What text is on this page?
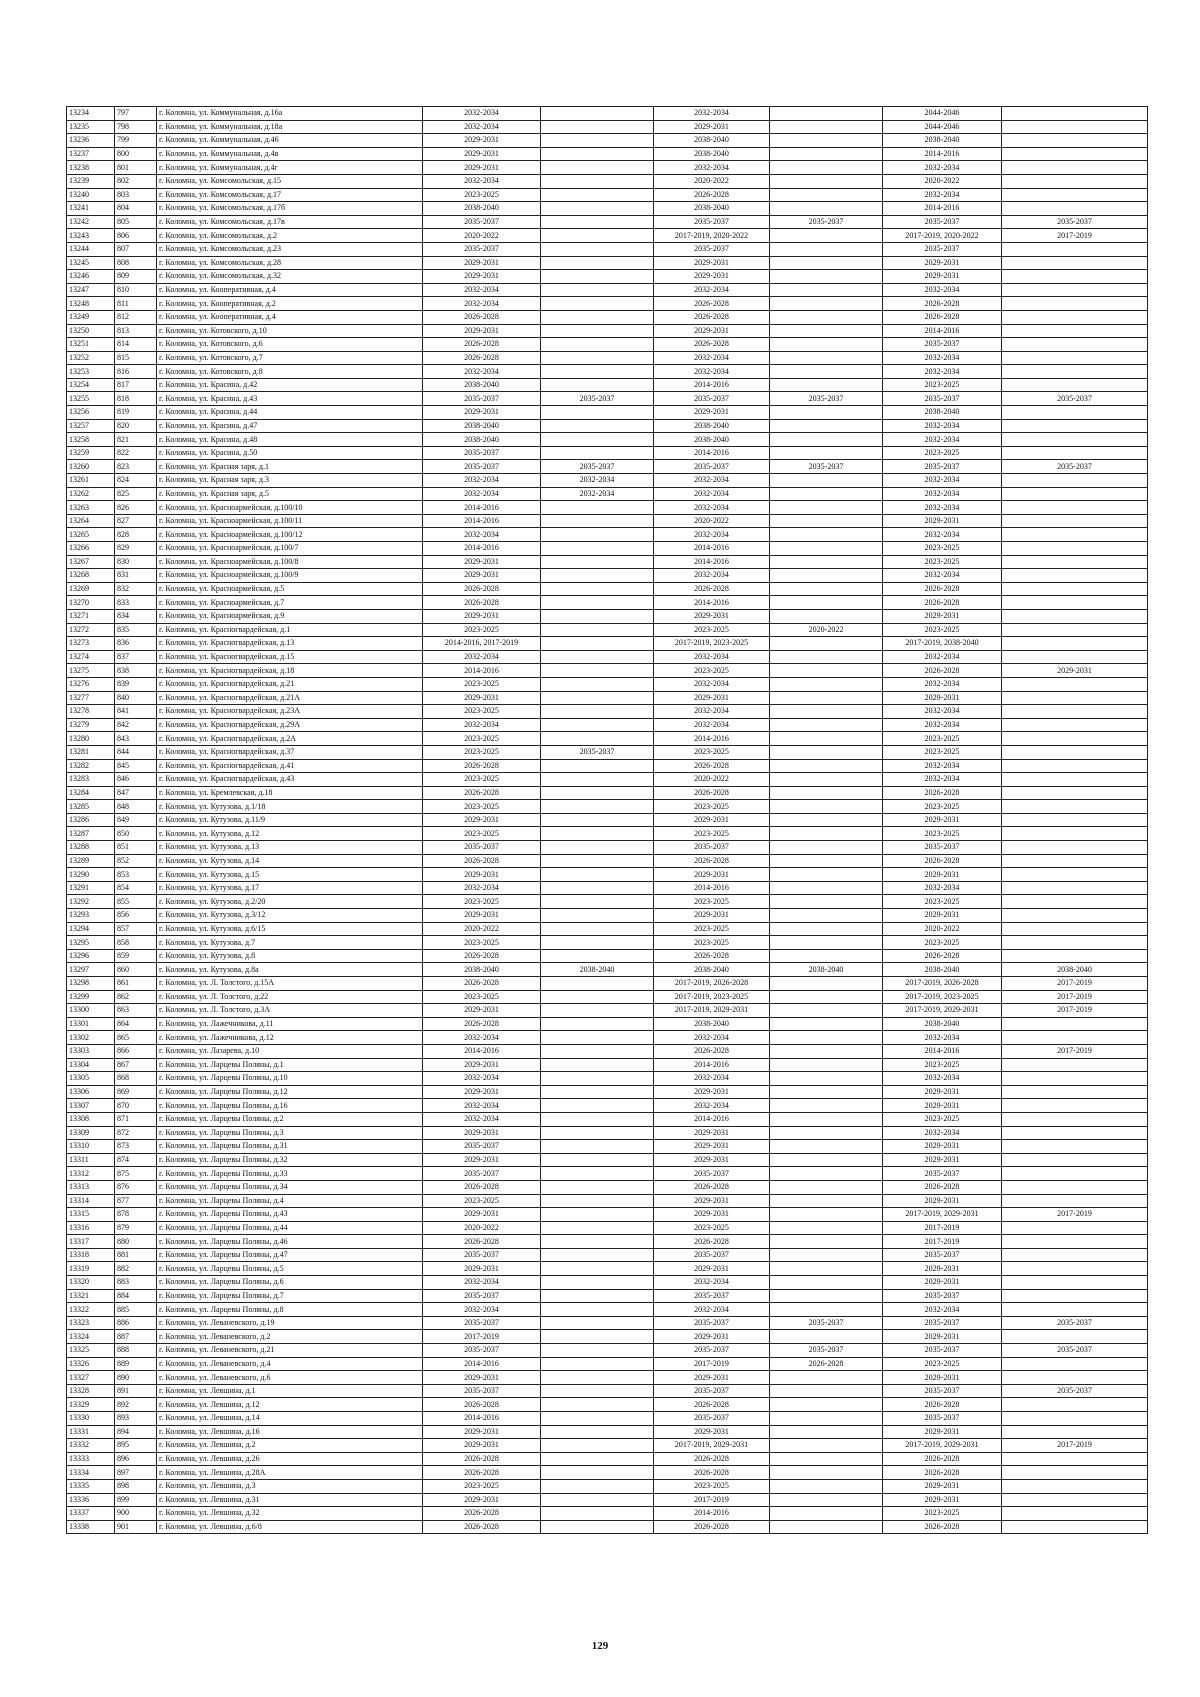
13234	797	г. Коломна, ул. Коммунальная, д.16а	2032-2034		2032-2034		2044-2046	
13235	798	г. Коломна, ул. Коммунальная, д.18а	2032-2034		2029-2031		2044-2046	
13236	799	г. Коломна, ул. Коммунальная, д.46	2029-2031		2038-2040		2038-2040	
13237	800	г. Коломна, ул. Коммунальная, д.4в	2029-2031		2038-2040		2014-2016	
13238	801	г. Коломна, ул. Коммунальная, д.4г	2029-2031		2032-2034		2032-2034	
13239	802	г. Коломна, ул. Комсомольская, д.15	2032-2034		2020-2022		2020-2022	
13240	803	г. Коломна, ул. Комсомольская, д.17	2023-2025		2026-2028		2032-2034	
13241	804	г. Коломна, ул. Комсомольская, д.17б	2038-2040		2038-2040		2014-2016	
13242	805	г. Коломна, ул. Комсомольская, д.17в	2035-2037		2035-2037	2035-2037	2035-2037	2035-2037
13243	806	г. Коломна, ул. Комсомольская, д.2	2020-2022		2017-2019, 2020-2022		2017-2019, 2020-2022	2017-2019
13244	807	г. Коломна, ул. Комсомольская, д.23	2035-2037		2035-2037		2035-2037	
13245	808	г. Коломна, ул. Комсомольская, д.28	2029-2031		2029-2031		2029-2031	
13246	809	г. Коломна, ул. Комсомольская, д.32	2029-2031		2029-2031		2029-2031	
13247	810	г. Коломна, ул. Кооперативная, д.4	2032-2034		2032-2034		2032-2034	
13248	811	г. Коломна, ул. Кооперативная, д.2	2032-2034		2026-2028		2026-2028	
13249	812	г. Коломна, ул. Кооперативная, д.4	2026-2028		2026-2028		2026-2028	
13250	813	г. Коломна, ул. Котовского, д.10	2029-2031		2029-2031		2014-2016	
13251	814	г. Коломна, ул. Котовского, д.6	2026-2028		2026-2028		2035-2037	
13252	815	г. Коломна, ул. Котовского, д.7	2026-2028		2032-2034		2032-2034	
13253	816	г. Коломна, ул. Котовского, д.8	2032-2034		2032-2034		2032-2034	
13254	817	г. Коломна, ул. Красина, д.42	2038-2040		2014-2016		2023-2025	
13255	818	г. Коломна, ул. Красина, д.43	2035-2037	2035-2037	2035-2037	2035-2037	2035-2037	2035-2037
13256	819	г. Коломна, ул. Красина, д.44	2029-2031		2029-2031		2038-2040	
13257	820	г. Коломна, ул. Красина, д.47	2038-2040		2038-2040		2032-2034	
13258	821	г. Коломна, ул. Красина, д.48	2038-2040		2038-2040		2032-2034	
13259	822	г. Коломна, ул. Красина, д.50	2035-2037		2014-2016		2023-2025	
13260	823	г. Коломна, ул. Красная заря, д.1	2035-2037	2035-2037	2035-2037	2035-2037	2035-2037	2035-2037
13261	824	г. Коломна, ул. Красная заря, д.3	2032-2034	2032-2034	2032-2034		2032-2034	
13262	825	г. Коломна, ул. Красная заря, д.5	2032-2034	2032-2034	2032-2034		2032-2034	
13263	826	г. Коломна, ул. Красноармейская, д.100/10	2014-2016		2032-2034		2032-2034	
13264	827	г. Коломна, ул. Красноармейская, д.100/11	2014-2016		2020-2022		2029-2031	
13265	828	г. Коломна, ул. Красноармейская, д.100/12	2032-2034		2032-2034		2032-2034	
13266	829	г. Коломна, ул. Красноармейская, д.100/7	2014-2016		2014-2016		2023-2025	
13267	830	г. Коломна, ул. Красноармейская, д.100/8	2029-2031		2014-2016		2023-2025	
13268	831	г. Коломна, ул. Красноармейская, д.100/9	2029-2031		2032-2034		2032-2034	
13269	832	г. Коломна, ул. Красноармейская, д.5	2026-2028		2026-2028		2026-2028	
13270	833	г. Коломна, ул. Красноармейская, д.7	2026-2028		2014-2016		2026-2028	
13271	834	г. Коломна, ул. Красноармейская, д.9	2029-2031		2029-2031		2029-2031	
13272	835	г. Коломна, ул. Красногвардейская, д.1	2023-2025		2023-2025	2020-2022	2023-2025	
13273	836	г. Коломна, ул. Красногвардейская, д.13	2014-2016, 2017-2019		2017-2019, 2023-2025		2017-2019, 2038-2040	
13274	837	г. Коломна, ул. Красногвардейская, д.15	2032-2034		2032-2034		2032-2034	
13275	838	г. Коломна, ул. Красногвардейская, д.18	2014-2016		2023-2025		2026-2028	2029-2031
13276	839	г. Коломна, ул. Красногвардейская, д.21	2023-2025		2032-2034		2032-2034	
13277	840	г. Коломна, ул. Красногвардейская, д.21А	2029-2031		2029-2031		2029-2031	
13278	841	г. Коломна, ул. Красногвардейская, д.23А	2023-2025		2032-2034		2032-2034	
13279	842	г. Коломна, ул. Красногвардейская, д.29А	2032-2034		2032-2034		2032-2034	
13280	843	г. Коломна, ул. Красногвардейская, д.2А	2023-2025		2014-2016		2023-2025	
13281	844	г. Коломна, ул. Красногвардейская, д.37	2023-2025	2035-2037	2023-2025		2023-2025	
13282	845	г. Коломна, ул. Красногвардейская, д.41	2026-2028		2026-2028		2032-2034	
13283	846	г. Коломна, ул. Красногвардейская, д.43	2023-2025		2020-2022		2032-2034	
13284	847	г. Коломна, ул. Кремлевская, д.18	2026-2028		2026-2028		2026-2028	
13285	848	г. Коломна, ул. Кутузова, д.1/18	2023-2025		2023-2025		2023-2025	
13286	849	г. Коломна, ул. Кутузова, д.11/9	2029-2031		2029-2031		2029-2031	
13287	850	г. Коломна, ул. Кутузова, д.12	2023-2025		2023-2025		2023-2025	
13288	851	г. Коломна, ул. Кутузова, д.13	2035-2037		2035-2037		2035-2037	
13289	852	г. Коломна, ул. Кутузова, д.14	2026-2028		2026-2028		2026-2028	
13290	853	г. Коломна, ул. Кутузова, д.15	2029-2031		2029-2031		2029-2031	
13291	854	г. Коломна, ул. Кутузова, д.17	2032-2034		2014-2016		2032-2034	
13292	855	г. Коломна, ул. Кутузова, д.2/20	2023-2025		2023-2025		2023-2025	
13293	856	г. Коломна, ул. Кутузова, д.3/12	2029-2031		2029-2031		2029-2031	
13294	857	г. Коломна, ул. Кутузова, д.6/15	2020-2022		2023-2025		2020-2022	
13295	858	г. Коломна, ул. Кутузова, д.7	2023-2025		2023-2025		2023-2025	
13296	859	г. Коломна, ул. Кутузова, д.8	2026-2028		2026-2028		2026-2028	
13297	860	г. Коломна, ул. Кутузова, д.8а	2038-2040	2038-2040	2038-2040	2038-2040	2038-2040	2038-2040
13298	861	г. Коломна, ул. Л. Толстого, д.15А	2026-2028		2017-2019, 2026-2028		2017-2019, 2026-2028	2017-2019
13299	862	г. Коломна, ул. Л. Толстого, д.22	2023-2025		2017-2019, 2023-2025		2017-2019, 2023-2025	2017-2019
13300	863	г. Коломна, ул. Л. Толстого, д.3А	2029-2031		2017-2019, 2029-2031		2017-2019, 2029-2031	2017-2019
13301	864	г. Коломна, ул. Лажечникова, д.11	2026-2028		2038-2040		2038-2040	
13302	865	г. Коломна, ул. Лажечникова, д.12	2032-2034		2032-2034		2032-2034	
13303	866	г. Коломна, ул. Лазарева, д.10	2014-2016		2026-2028		2014-2016	2017-2019
13304	867	г. Коломна, ул. Ларцевы Поляны, д.1	2029-2031		2014-2016		2023-2025	
13305	868	г. Коломна, ул. Ларцевы Поляны, д.10	2032-2034		2032-2034		2032-2034	
13306	869	г. Коломна, ул. Ларцевы Поляны, д.12	2029-2031		2029-2031		2029-2031	
13307	870	г. Коломна, ул. Ларцевы Поляны, д.16	2032-2034		2032-2034		2029-2031	
13308	871	г. Коломна, ул. Ларцевы Поляны, д.2	2032-2034		2014-2016		2023-2025	
13309	872	г. Коломна, ул. Ларцевы Поляны, д.3	2029-2031		2029-2031		2032-2034	
13310	873	г. Коломна, ул. Ларцевы Поляны, д.31	2035-2037		2029-2031		2029-2031	
13311	874	г. Коломна, ул. Ларцевы Поляны, д.32	2029-2031		2029-2031		2029-2031	
13312	875	г. Коломна, ул. Ларцевы Поляны, д.33	2035-2037		2035-2037		2035-2037	
13313	876	г. Коломна, ул. Ларцевы Поляны, д.34	2026-2028		2026-2028		2026-2028	
13314	877	г. Коломна, ул. Ларцевы Поляны, д.4	2023-2025		2029-2031		2029-2031	
13315	878	г. Коломна, ул. Ларцевы Поляны, д.43	2029-2031		2029-2031		2017-2019, 2029-2031	2017-2019
13316	879	г. Коломна, ул. Ларцевы Поляны, д.44	2020-2022		2023-2025		2017-2019	
13317	880	г. Коломна, ул. Ларцевы Поляны, д.46	2026-2028		2026-2028		2017-2019	
13318	881	г. Коломна, ул. Ларцевы Поляны, д.47	2035-2037		2035-2037		2035-2037	
13319	882	г. Коломна, ул. Ларцевы Поляны, д.5	2029-2031		2029-2031		2029-2031	
13320	883	г. Коломна, ул. Ларцевы Поляны, д.6	2032-2034		2032-2034		2029-2031	
13321	884	г. Коломна, ул. Ларцевы Поляны, д.7	2035-2037		2035-2037		2035-2037	
13322	885	г. Коломна, ул. Ларцевы Поляны, д.8	2032-2034		2032-2034		2032-2034	
13323	886	г. Коломна, ул. Леваневского, д.19	2035-2037		2035-2037	2035-2037	2035-2037	2035-2037
13324	887	г. Коломна, ул. Леваневского, д.2	2017-2019		2029-2031		2029-2031	
13325	888	г. Коломна, ул. Леваневского, д.21	2035-2037		2035-2037	2035-2037	2035-2037	2035-2037
13326	889	г. Коломна, ул. Леваневского, д.4	2014-2016		2017-2019	2026-2028	2023-2025	
13327	890	г. Коломна, ул. Леваневского, д.6	2029-2031		2029-2031		2029-2031	
13328	891	г. Коломна, ул. Левшина, д.1	2035-2037		2035-2037		2035-2037	2035-2037
13329	892	г. Коломна, ул. Левшина, д.12	2026-2028		2026-2028		2026-2028	
13330	893	г. Коломна, ул. Левшина, д.14	2014-2016		2035-2037		2035-2037	
13331	894	г. Коломна, ул. Левшина, д.16	2029-2031		2029-2031		2029-2031	
13332	895	г. Коломна, ул. Левшина, д.2	2029-2031		2017-2019, 2029-2031		2017-2019, 2029-2031	2017-2019
13333	896	г. Коломна, ул. Левшина, д.26	2026-2028		2026-2028		2026-2028	
13334	897	г. Коломна, ул. Левшина, д.28А	2026-2028		2026-2028		2026-2028	
13335	898	г. Коломна, ул. Левшина, д.3	2023-2025		2023-2025		2029-2031	
13336	899	г. Коломна, ул. Левшина, д.31	2029-2031		2017-2019		2029-2031	
13337	900	г. Коломна, ул. Левшина, д.32	2026-2028		2014-2016		2023-2025	
13338	901	г. Коломна, ул. Левшина, д.6/8	2026-2028		2026-2028		2026-2028	
129
